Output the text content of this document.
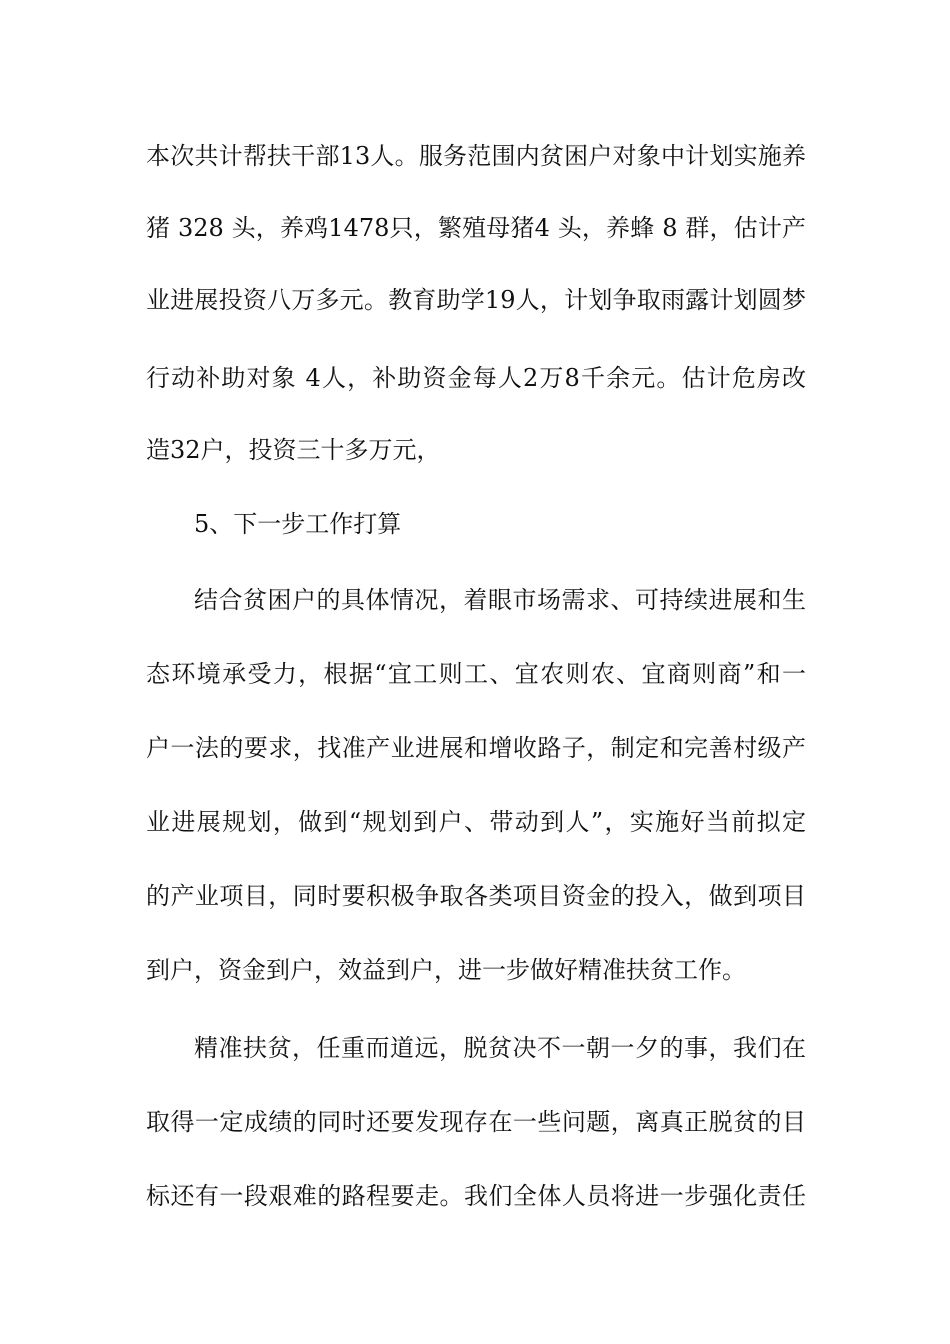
本次共计帮扶干部13人。服务范围内贫困户对象中计划实施养
猪 328 头，养鸡1478只，繁殖母猪4 头，养蜂 8 群，估计产
业进展投资八万多元。教育助学19人，计划争取雨露计划圆梦
行动补助对象 4人，补助资金每人2万8千余元。估计危房改
造32户，投资三十多万元，
5、下一步工作打算
结合贫困户的具体情况，着眼市场需求、可持续进展和生
态环境承受力，根据“宜工则工、宜农则农、宜商则商”和一
户一法的要求，找准产业进展和增收路子，制定和完善村级产
业进展规划，做到“规划到户、带动到人”，实施好当前拟定
的产业项目，同时要积极争取各类项目资金的投入，做到项目
到户，资金到户，效益到户，进一步做好精准扶贫工作。
精准扶贫，任重而道远，脱贫决不一朝一夕的事，我们在
取得一定成绩的同时还要发现存在一些问题，离真正脱贫的目
标还有一段艰难的路程要走。我们全体人员将进一步强化责任
